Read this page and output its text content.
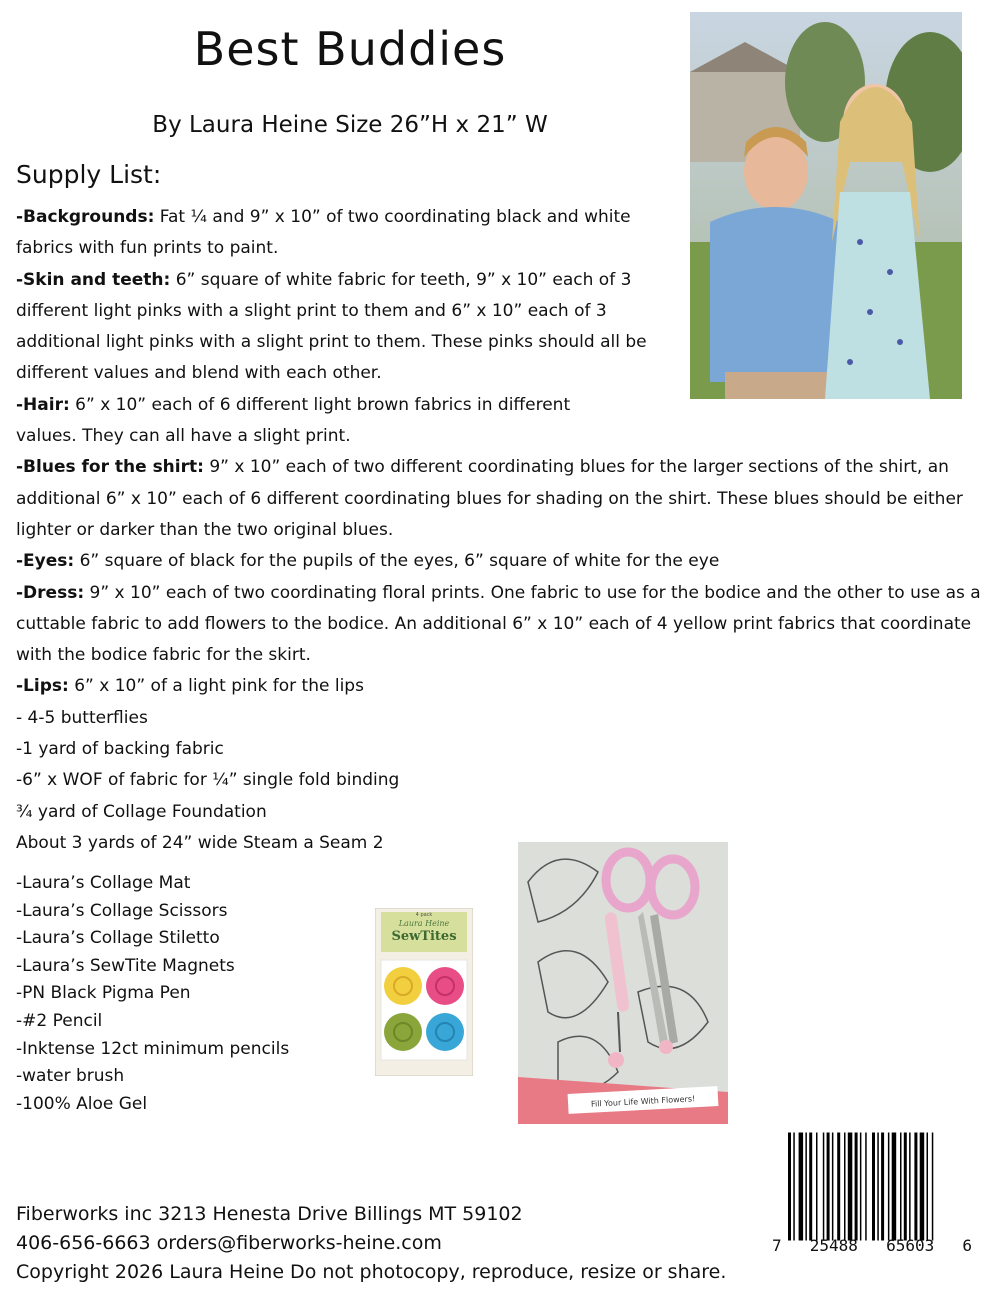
Best Buddies
By Laura Heine Size 26”H x 21” W
Supply List:

-Backgrounds: Fat ¼ and 9” x 10” of two coordinating black and white fabrics with fun prints to paint.

-Skin and teeth: 6” square of white fabric for teeth, 9” x 10” each of 3 different light pinks with a slight print to them and 6” x 10” each of 3 additional light pinks with a slight print to them. These pinks should all be different values and blend with each other.

-Hair: 6” x 10” each of 6 different light brown fabrics in different values. They can all have a slight print.

-Blues for the shirt: 9” x 10” each of two different coordinating blues for the larger sections of the shirt, an additional 6” x 10” each of 6 different coordinating blues for shading on the shirt. These blues should be either lighter or darker than the two original blues.

-Eyes: 6” square of black for the pupils of the eyes, 6” square of white for the eye

-Dress: 9” x 10” each of two coordinating floral prints. One fabric to use for the bodice and the other to use as a cuttable fabric to add flowers to the bodice. An additional 6” x 10” each of 4 yellow print fabrics that coordinate with the bodice fabric for the skirt.

-Lips: 6” x 10” of a light pink for the lips

- 4-5 butterflies

-1 yard of backing fabric

-6” x WOF of fabric for ¼” single fold binding

¾ yard of Collage Foundation

About 3 yards of 24” wide Steam a Seam 2

-Laura’s Collage Mat
-Laura’s Collage Scissors
-Laura’s Collage Stiletto
-Laura’s SewTite Magnets
-PN Black Pigma Pen
-#2 Pencil
-Inktense 12ct minimum pencils
-water brush
-100% Aloe Gel
4 pack
Laura Heine
SewTites
Fill Your Life With Flowers!
7 25488 65603 6
Fiberworks inc 3213 Henesta Drive Billings MT 59102
406-656-6663 orders@fiberworks-heine.com
Copyright 2026 Laura Heine Do not photocopy, reproduce, resize or share.
